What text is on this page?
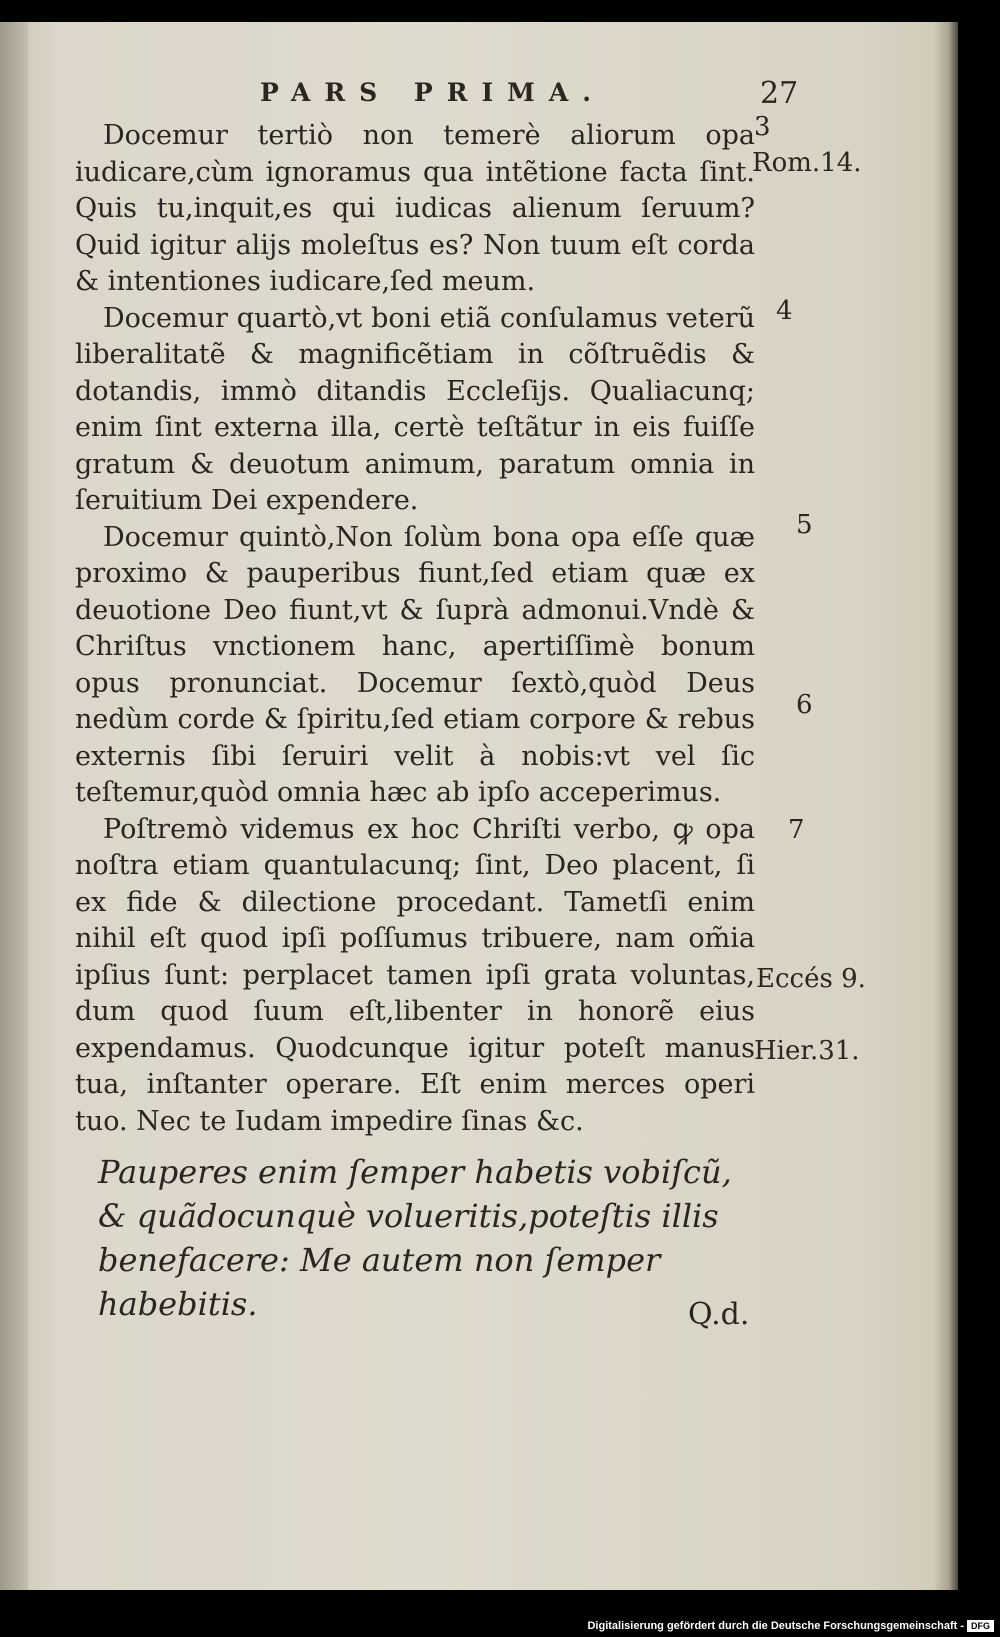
PARS PRIMA.	27

Docemur tertiò non temerè aliorum opa iudicare,cùm ignoramus qua intẽtione facta ſint. Quis tu,inquit,es qui iudicas alienum ſeruum? Quid igitur alijs moleſtus es? Non tuum eſt corda & intentiones iudicare,ſed meum.

Docemur quartò,vt boni etiã conſulamus veterũ liberalitatẽ & magnificẽtiam in cõſtruẽdis & dotandis, immò ditandis Eccleſijs. Qualiacunq; enim ſint externa illa, certè teſtãtur in eis fuiſſe gratum & deuotum animum, paratum omnia in ſeruitium Dei expendere.

Docemur quintò,Non ſolùm bona opa eſſe quæ proximo & pauperibus fiunt,ſed etiam quæ ex deuotione Deo fiunt,vt & ſuprà admonui.Vndè & Chriſtus vnctionem hanc, apertiſſimè bonum opus pronunciat. Docemur ſextò,quòd Deus nedùm corde & ſpiritu,ſed etiam corpore & rebus externis ſibi ſeruiri velit à nobis:vt vel ſic teſtemur,quòd omnia hæc ab ipſo acceperimus.

Poſtremò videmus ex hoc Chriſti verbo, ꝙ opa noſtra etiam quantulacunq; ſint, Deo placent, ſi ex fide & dilectione procedant. Tametſi enim nihil eſt quod ipſi poſſumus tribuere, nam om̃ia ipſius ſunt: perplacet tamen ipſi grata voluntas, dum quod ſuum eſt,libenter in honorẽ eius expendamus. Quodcunque igitur poteſt manus tua, inſtanter operare. Eſt enim merces operi tuo. Nec te Iudam impedire ſinas &c.

Pauperes enim ſemper habetis vobiſcũ, & quãdocunquè volueritis,poteſtis illis benefacere: Me autem non ſemper habebitis.
3
Rom.14.
4
5
6
7
Eccés 9.
Hier.31.
Q.d.
Digitalisierung gefördert durch die Deutsche Forschungsgemeinschaft - DFG
